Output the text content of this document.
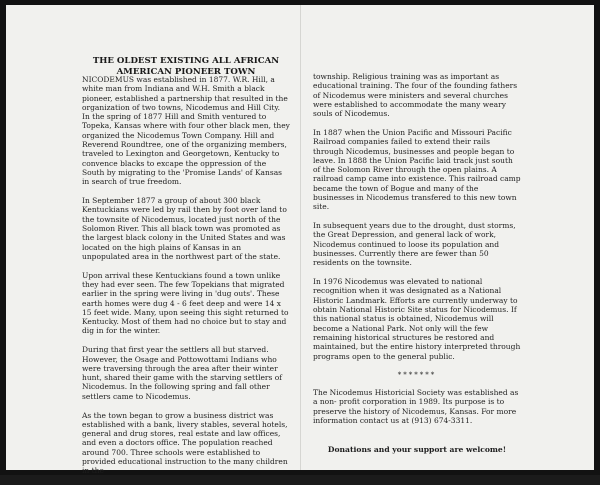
THE OLDEST EXISTING ALL AFRICAN
AMERICAN PIONEER TOWN

NICODEMUS was established in 1877. W.R. Hill, a white man from Indiana and W.H. Smith a black pioneer, established a partnership that resulted in the organization of two towns, Nicodemus and Hill City. In the spring of 1877 Hill and Smith ventured to Topeka, Kansas where with four other black men, they organized the Nicodemus Town Company. Hill and Reverend Roundtree, one of the organizing members, traveled to Lexington and Georgetown, Kentucky to convence blacks to excape the oppression of the South by migrating to the 'Promise Lands' of Kansas in search of true freedom.

In September 1877 a group of about 300 black Kentuckians were led by rail then by foot over land to the townsite of Nicodemus, located just north of the Solomon River. This all black town was promoted as the largest black colony in the United States and was located on the high plains of Kansas in an unpopulated area in the northwest part of the state.

Upon arrival these Kentuckians found a town unlike they had ever seen. The few Topekians that migrated earlier in the spring were living in 'dug outs'. These earth homes were dug 4 - 6 feet deep and were 14 x 15 feet wide. Many, upon seeing this sight returned to Kentucky. Most of them had no choice but to stay and dig in for the winter.

During that first year the settlers all but starved. However, the Osage and Pottowottami Indians who were traversing through the area after their winter hunt, shared their game with the starving settlers of Nicodemus. In the following spring and fall other settlers came to Nicodemus.

As the town began to grow a business district was established with a bank, livery stables, several hotels, general and drug stores, real estate and law offices, and even a doctors office. The population reached around 700. Three schools were established to provided educational instruction to the many children in the

township. Religious training was as important as educational training. The four of the founding fathers of Nicodemus were ministers and several churches were established to accommodate the many weary souls of Nicodemus.

In 1887 when the Union Pacific and Missouri Pacific Railroad companies failed to extend their rails through Nicodemus, businesses and people began to leave. In 1888 the Union Pacific laid track just south of the Solomon River through the open plains. A railroad camp came into existence. This railroad camp became the town of Bogue and many of the businesses in Nicodemus transfered to this new town site.

In subsequent years due to the drought, dust storms, the Great Depression, and general lack of work, Nicodemus continued to loose its population and businesses. Currently there are fewer than 50 residents on the townsite.

In 1976 Nicodemus was elevated to national recognition when it was designated as a National Historic Landmark. Efforts are currently underway to obtain National Historic Site status for Nicodemus. If this national status is obtained, Nicodemus will become a National Park. Not only will the few remaining historical structures be restored and maintained, but the entire history interpreted through programs open to the general public.

*******

The Nicodemus Historicial Society was established as a non- profit corporation in 1989. Its purpose is to preserve the history of Nicodemus, Kansas. For more information contact us at (913) 674-3311.

Donations and your support are welcome!
